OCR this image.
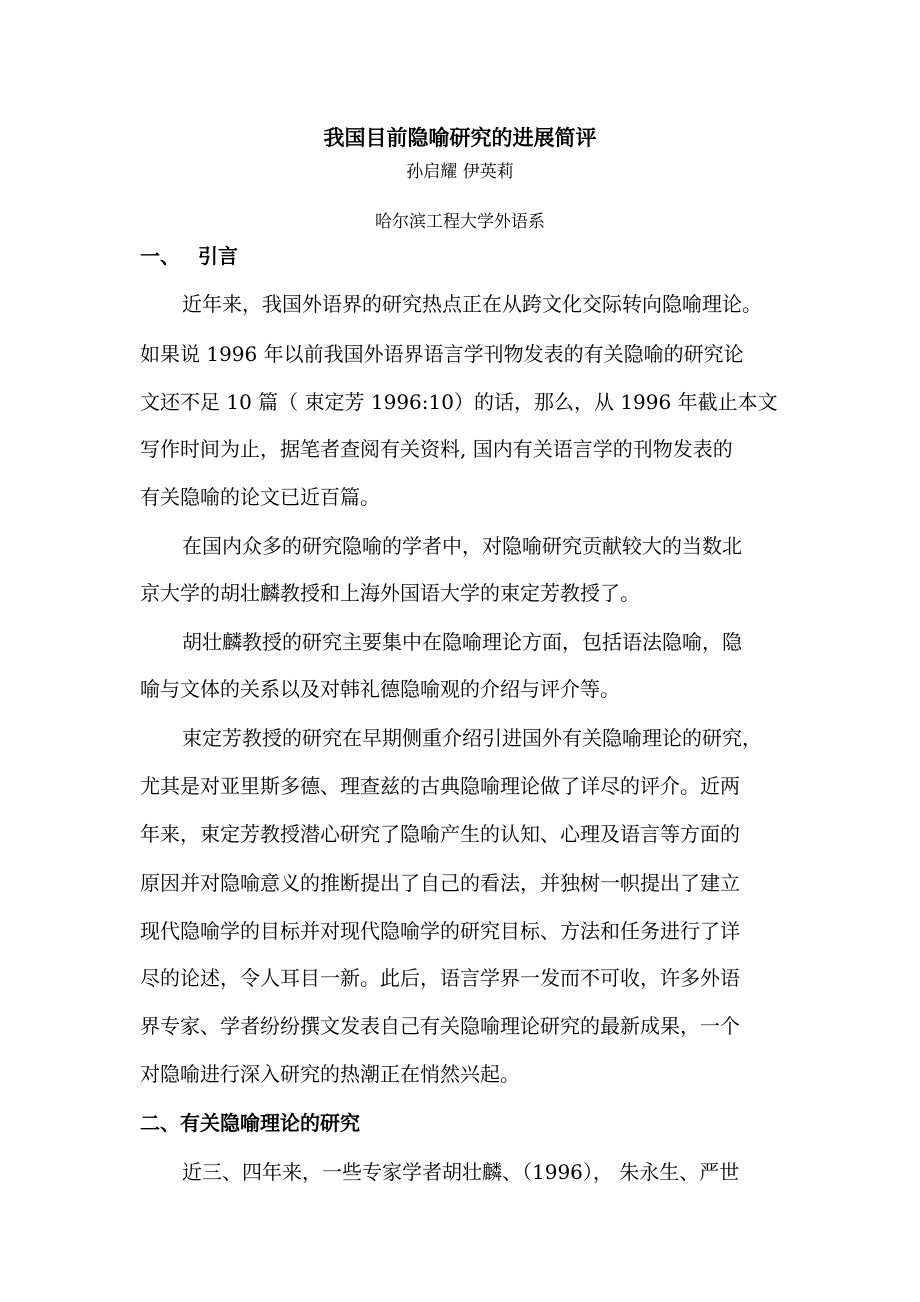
我国目前隐喻研究的进展简评
孙启耀 伊英莉
哈尔滨工程大学外语系
一、 引言
近年来，我国外语界的研究热点正在从跨文化交际转向隐喻理论。
如果说 1996 年以前我国外语界语言学刊物发表的有关隐喻的研究论
文还不足 10 篇（ 束定芳 1996:10）的话，那么，从 1996 年截止本文
写作时间为止，据笔者查阅有关资料, 国内有关语言学的刊物发表的
有关隐喻的论文已近百篇。
在国内众多的研究隐喻的学者中，对隐喻研究贡献较大的当数北
京大学的胡壮麟教授和上海外国语大学的束定芳教授了。
胡壮麟教授的研究主要集中在隐喻理论方面，包括语法隐喻，隐
喻与文体的关系以及对韩礼德隐喻观的介绍与评介等。
束定芳教授的研究在早期侧重介绍引进国外有关隐喻理论的研究，
尤其是对亚里斯多德、理查兹的古典隐喻理论做了详尽的评介。近两
年来，束定芳教授潜心研究了隐喻产生的认知、心理及语言等方面的
原因并对隐喻意义的推断提出了自己的看法，并独树一帜提出了建立
现代隐喻学的目标并对现代隐喻学的研究目标、方法和任务进行了详
尽的论述，令人耳目一新。此后，语言学界一发而不可收，许多外语
界专家、学者纷纷撰文发表自己有关隐喻理论研究的最新成果，一个
对隐喻进行深入研究的热潮正在悄然兴起。
二、有关隐喻理论的研究
近三、四年来，一些专家学者胡壮麟、（1996）， 朱永生、严世
